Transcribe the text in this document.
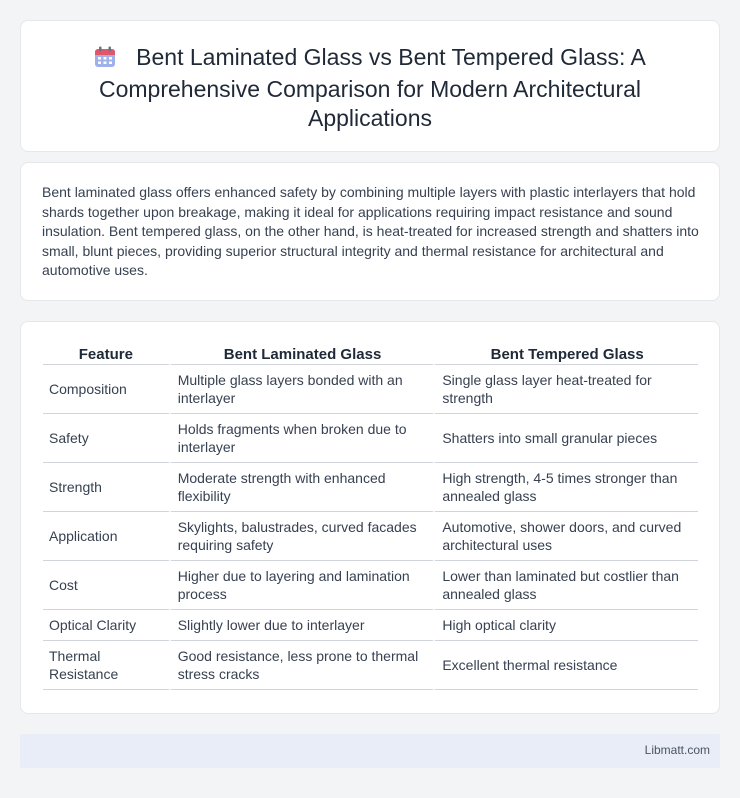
Bent Laminated Glass vs Bent Tempered Glass: A Comprehensive Comparison for Modern Architectural Applications

Bent laminated glass offers enhanced safety by combining multiple layers with plastic interlayers that hold shards together upon breakage, making it ideal for applications requiring impact resistance and sound insulation. Bent tempered glass, on the other hand, is heat-treated for increased strength and shatters into small, blunt pieces, providing superior structural integrity and thermal resistance for architectural and automotive uses.

Feature	Bent Laminated Glass	Bent Tempered Glass
Composition	Multiple glass layers bonded with an interlayer	Single glass layer heat-treated for strength
Safety	Holds fragments when broken due to interlayer	Shatters into small granular pieces
Strength	Moderate strength with enhanced flexibility	High strength, 4-5 times stronger than annealed glass
Application	Skylights, balustrades, curved facades requiring safety	Automotive, shower doors, and curved architectural uses
Cost	Higher due to layering and lamination process	Lower than laminated but costlier than annealed glass
Optical Clarity	Slightly lower due to interlayer	High optical clarity
Thermal Resistance	Good resistance, less prone to thermal stress cracks	Excellent thermal resistance
Libmatt.com
